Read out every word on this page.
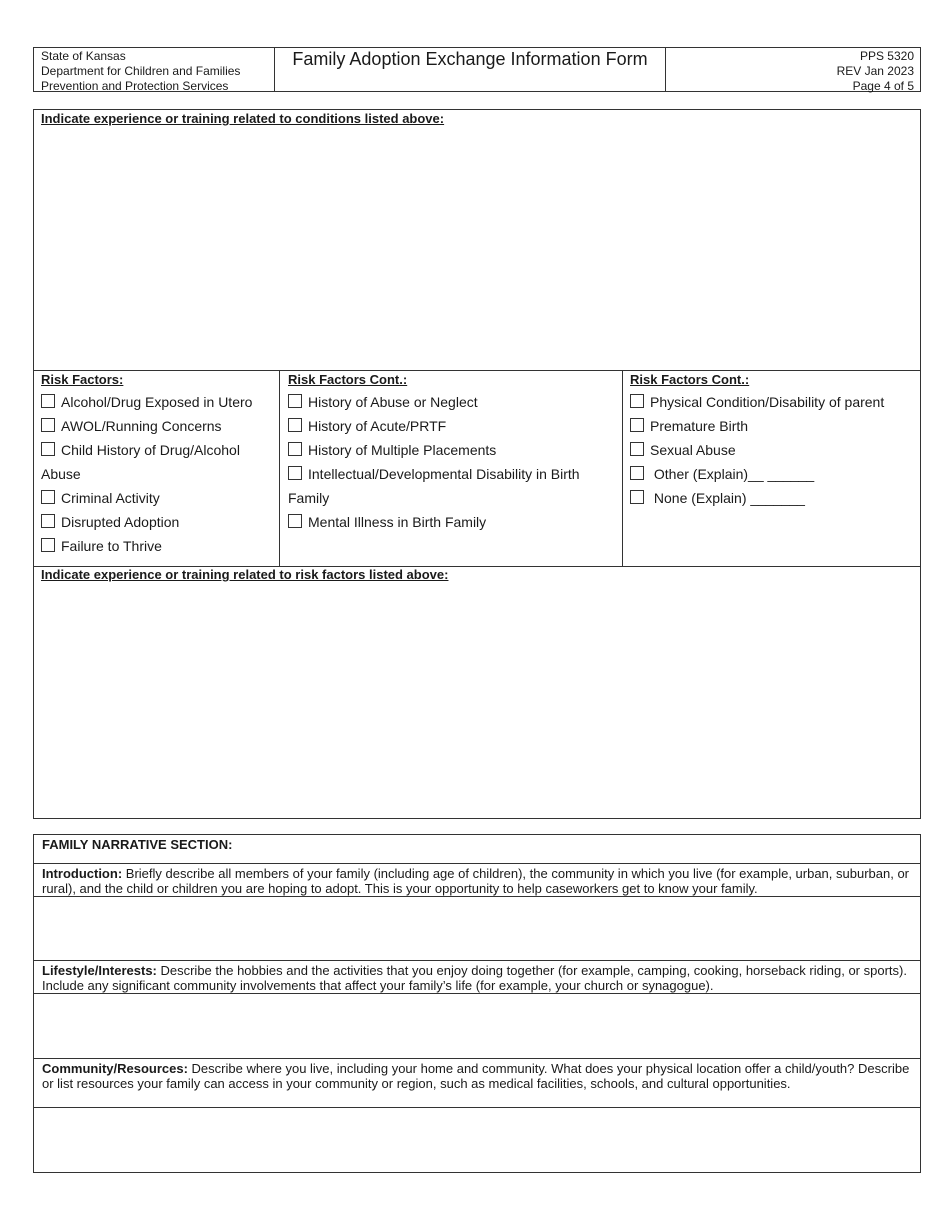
State of Kansas
Department for Children and Families
Prevention and Protection Services
Family Adoption Exchange Information Form	PPS 5320
REV Jan 2023
Page 4 of 5
Indicate experience or training related to conditions listed above:
Risk Factors:
Alcohol/Drug Exposed in Utero
AWOL/Running Concerns
Child History of Drug/Alcohol
Abuse
Criminal Activity
Disrupted Adoption
Failure to Thrive
Risk Factors Cont.:
History of Abuse or Neglect
History of Acute/PRTF
History of Multiple Placements
Intellectual/Developmental Disability in Birth
Family
Mental Illness in Birth Family
Risk Factors Cont.:
Physical Condition/Disability of parent
Premature Birth
Sexual Abuse
Other (Explain)__ ______
None (Explain) _______
Indicate experience or training related to risk factors listed above:
FAMILY NARRATIVE SECTION:
Introduction: Briefly describe all members of your family (including age of children), the community in which you live (for example, urban, suburban, or rural), and the child or children you are hoping to adopt. This is your opportunity to help caseworkers get to know your family.
Lifestyle/Interests: Describe the hobbies and the activities that you enjoy doing together (for example, camping, cooking, horseback riding, or sports). Include any significant community involvements that affect your family’s life (for example, your church or synagogue).
Community/Resources: Describe where you live, including your home and community. What does your physical location offer a child/youth? Describe or list resources your family can access in your community or region, such as medical facilities, schools, and cultural opportunities.
